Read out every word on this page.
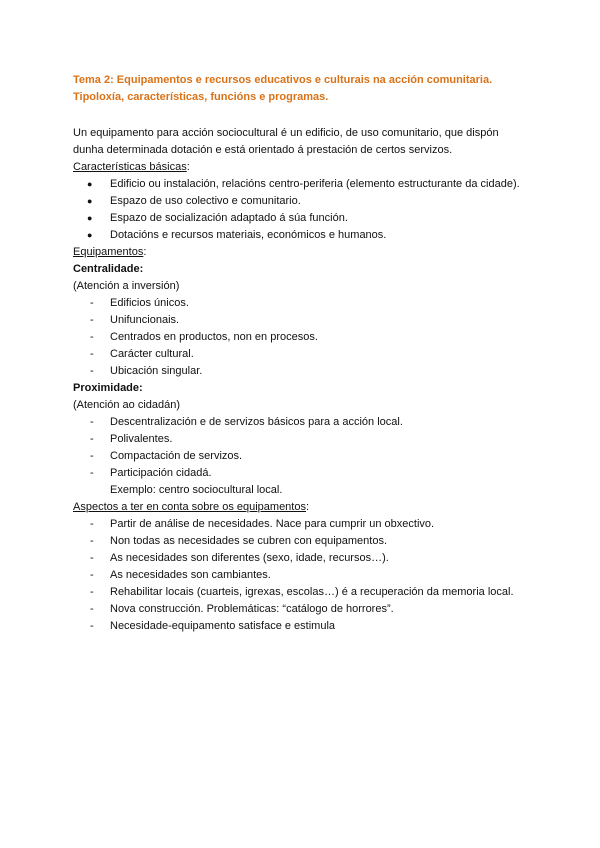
Tema 2: Equipamentos e recursos educativos e culturais na acción comunitaria.

Tipoloxía, características, funcións e programas.

Un equipamento para acción sociocultural é un edificio, de uso comunitario, que dispón
dunha determinada dotación e está orientado á prestación de certos servizos.
Características básicas:
● Edificio ou instalación, relacións centro-periferia (elemento estructurante da cidade).
● Espazo de uso colectivo e comunitario.
● Espazo de socialización adaptado á súa función.
● Dotacións e recursos materiais, económicos e humanos.
Equipamentos:
Centralidade:
(Atención a inversión)
- Edificios únicos.
- Unifuncionais.
- Centrados en productos, non en procesos.
- Carácter cultural.
- Ubicación singular.
Proximidade:
(Atención ao cidadán)
- Descentralización e de servizos básicos para a acción local.
- Polivalentes.
- Compactación de servizos.
- Participación cidadá.
Exemplo: centro sociocultural local.
Aspectos a ter en conta sobre os equipamentos:
- Partir de análise de necesidades. Nace para cumprir un obxectivo.
- Non todas as necesidades se cubren con equipamentos.
- As necesidades son diferentes (sexo, idade, recursos…).
- As necesidades son cambiantes.
- Rehabilitar locais (cuarteis, igrexas, escolas…) é a recuperación da memoria local.
- Nova construcción. Problemáticas: “catálogo de horrores”.
- Necesidade-equipamento satisface e estimula
